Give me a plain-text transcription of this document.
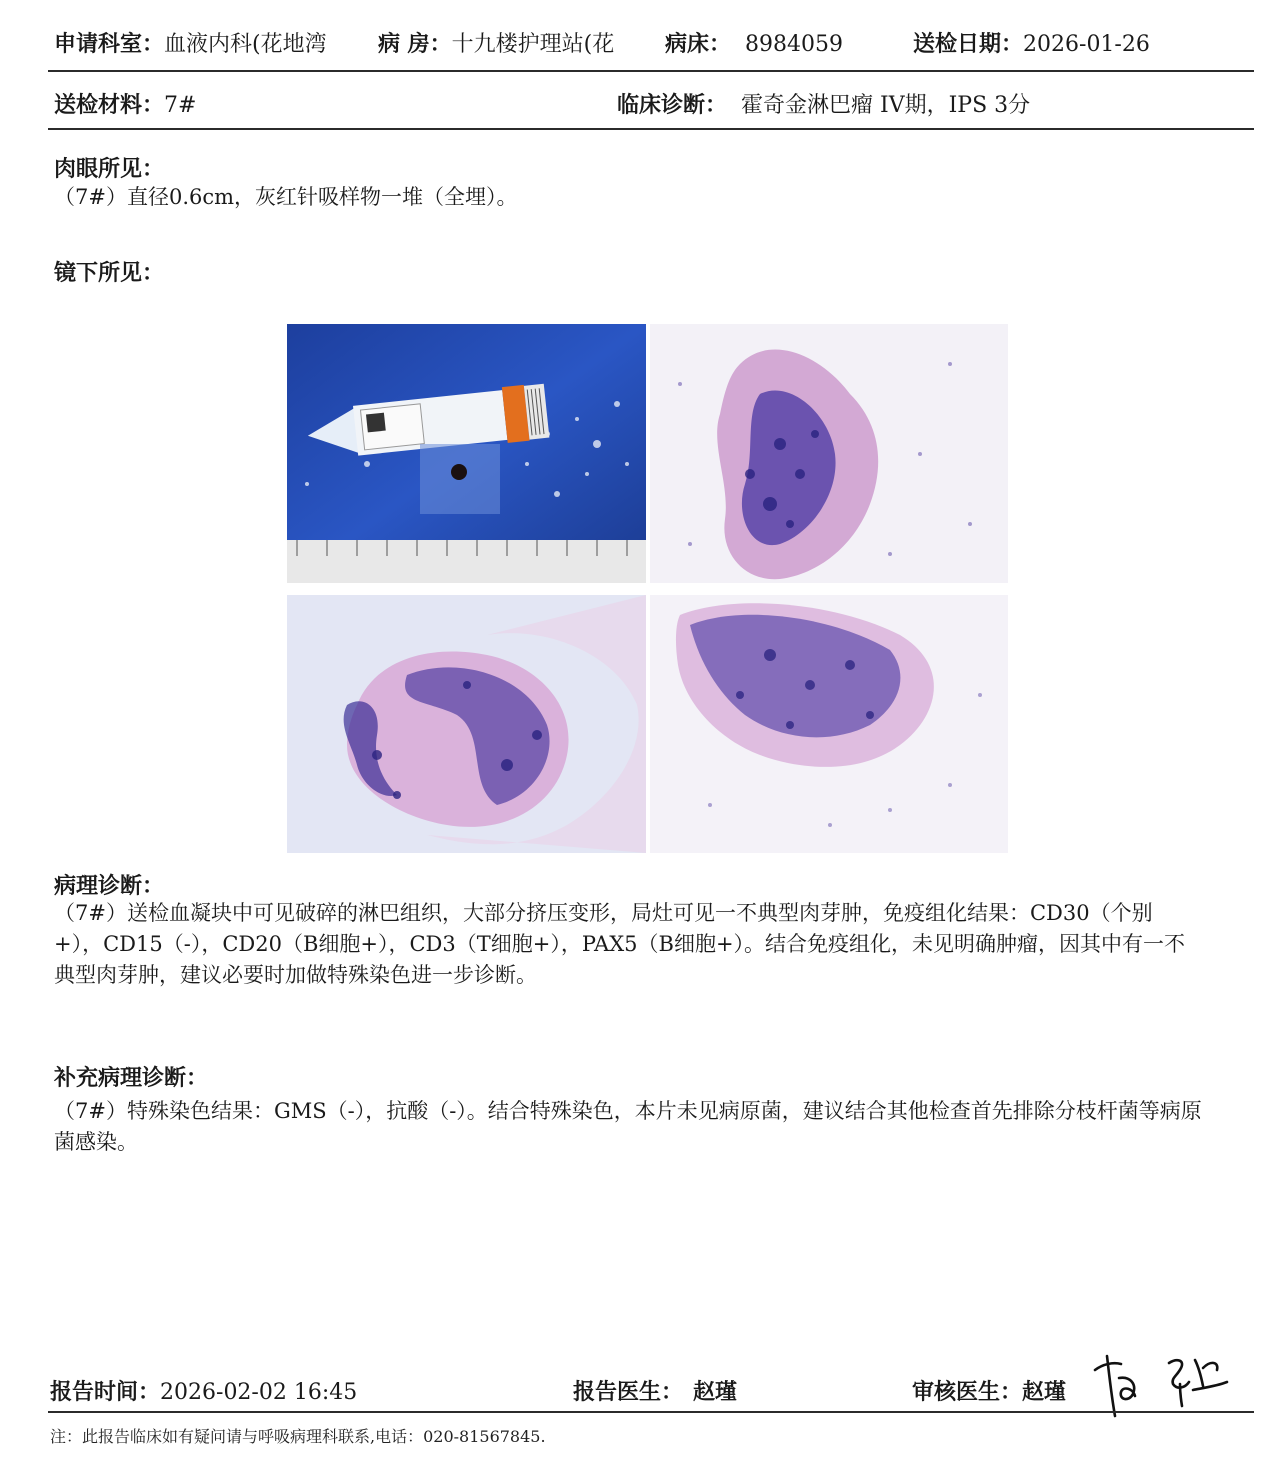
申请科室：血液内科(花地湾 病 房：十九楼护理站(花 病床： 8984059	送检日期：2026-01-26
送检材料：7#	临床诊断： 霍奇金淋巴瘤 IV期，IPS 3分
肉眼所见：
（7#）直径0.6cm，灰红针吸样物一堆（全埋）。
镜下所见：
病理诊断：
（7#）送检血凝块中可见破碎的淋巴组织，大部分挤压变形，局灶可见一不典型肉芽肿，免疫组化结果：CD30（个别+），CD15（-），CD20（B细胞+），CD3（T细胞+），PAX5（B细胞+）。结合免疫组化，未见明确肿瘤，因其中有一不典型肉芽肿，建议必要时加做特殊染色进一步诊断。
补充病理诊断：
（7#）特殊染色结果：GMS（-），抗酸（-）。结合特殊染色，本片未见病原菌，建议结合其他检查首先排除分枝杆菌等病原菌感染。
报告时间：2026-02-02 16:45	报告医生： 赵瑾	审核医生：赵瑾
注：此报告临床如有疑问请与呼吸病理科联系,电话：020-81567845.
